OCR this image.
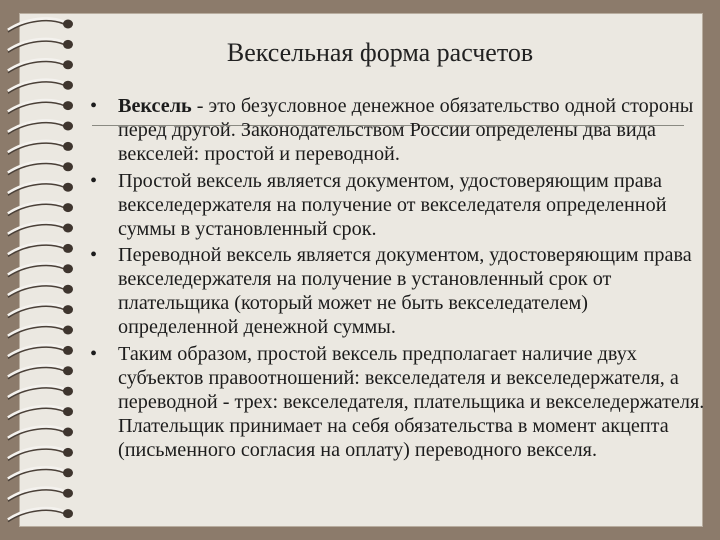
Вексельная форма расчетов
• Вексель - это безусловное денежное обязательство одной стороны перед другой. Законодательством России определены два вида векселей: простой и переводной.
• Простой вексель является документом, удостоверяющим права векселедержателя на получение от векселедателя определенной суммы в установленный срок.
• Переводной вексель является документом, удостоверяющим права векселедержателя на получение в установленный срок от плательщика (который может не быть векселедателем) определенной денежной суммы.
• Таким образом, простой вексель предполагает наличие двух субъектов правоотношений: векселедателя и векселедержателя, а переводной - трех: векселедателя, плательщика и векселедержателя. Плательщик принимает на себя обязательства в момент акцепта (письменного согласия на оплату) переводного векселя.
